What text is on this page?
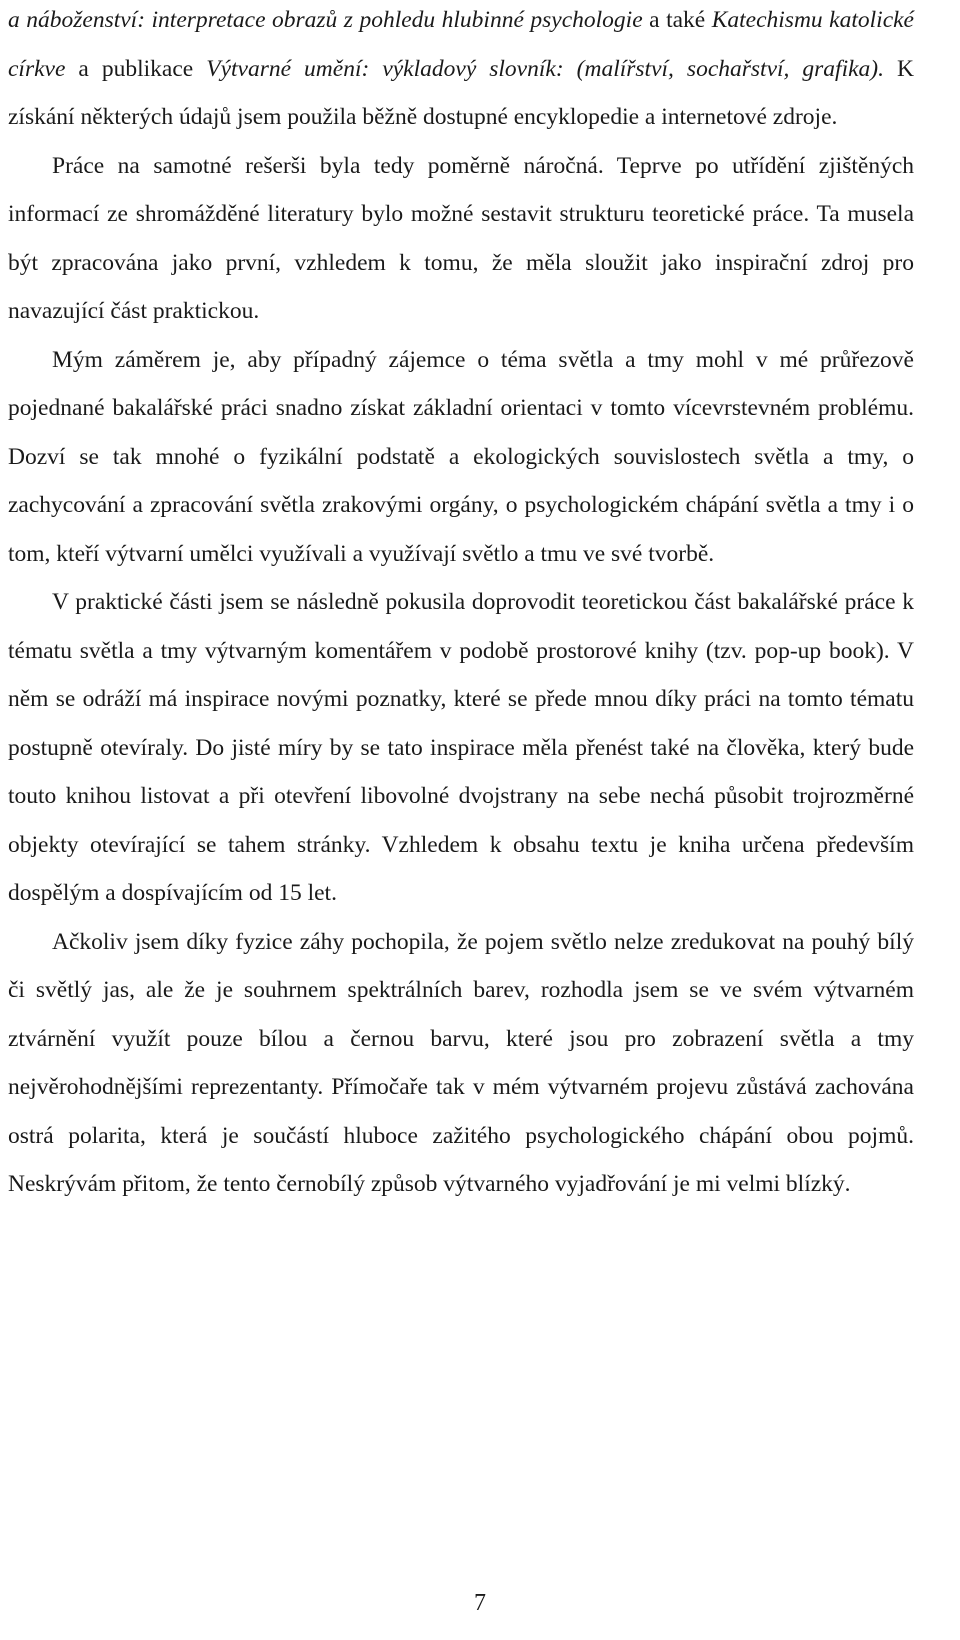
a náboženství: interpretace obrazů z pohledu hlubinné psychologie a také Katechismu katolické církve a publikace Výtvarné umění: výkladový slovník: (malířství, sochařství, grafika). K získání některých údajů jsem použila běžně dostupné encyklopedie a internetové zdroje.

Práce na samotné rešerši byla tedy poměrně náročná. Teprve po utřídění zjištěných informací ze shromážděné literatury bylo možné sestavit strukturu teoretické práce. Ta musela být zpracována jako první, vzhledem k tomu, že měla sloužit jako inspirační zdroj pro navazující část praktickou.

Mým záměrem je, aby případný zájemce o téma světla a tmy mohl v mé průřezově pojednané bakalářské práci snadno získat základní orientaci v tomto vícevrstevném problému. Dozví se tak mnohé o fyzikální podstatě a ekologických souvislostech světla a tmy, o zachycování a zpracování světla zrakovými orgány, o psychologickém chápání světla a tmy i o tom, kteří výtvarní umělci využívali a využívají světlo a tmu ve své tvorbě.

V praktické části jsem se následně pokusila doprovodit teoretickou část bakalářské práce k tématu světla a tmy výtvarným komentářem v podobě prostorové knihy (tzv. pop-up book). V něm se odráží má inspirace novými poznatky, které se přede mnou díky práci na tomto tématu postupně otevíraly. Do jisté míry by se tato inspirace měla přenést také na člověka, který bude touto knihou listovat a při otevření libovolné dvojstrany na sebe nechá působit trojrozměrné objekty otevírající se tahem stránky. Vzhledem k obsahu textu je kniha určena především dospělým a dospívajícím od 15 let.

Ačkoliv jsem díky fyzice záhy pochopila, že pojem světlo nelze zredukovat na pouhý bílý či světlý jas, ale že je souhrnem spektrálních barev, rozhodla jsem se ve svém výtvarném ztvárnění využít pouze bílou a černou barvu, které jsou pro zobrazení světla a tmy nejvěrohodnějšími reprezentanty. Přímočaře tak v mém výtvarném projevu zůstává zachována ostrá polarita, která je součástí hluboce zažitého psychologického chápání obou pojmů. Neskrývám přitom, že tento černobílý způsob výtvarného vyjadřování je mi velmi blízký.

7
